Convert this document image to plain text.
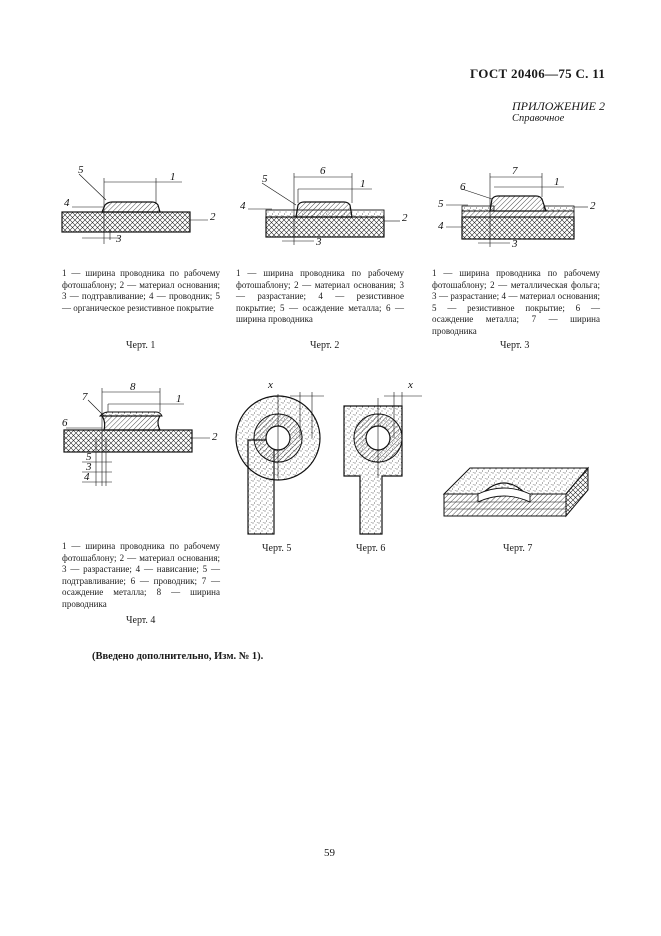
ГОСТ 20406—75 С. 11
ПРИЛОЖЕНИЕ 2
Справочное
5
1
4
2
3
5
6
1
4
2
3
6
7
1
5
4
2
3
1 — ширина проводника по рабочему фотошаблону; 2 — материал основания; 3 — подтравливание; 4 — проводник; 5 — органическое резистивное покрытие
1 — ширина проводника по рабочему фотошаблону; 2 — материал основания; 3 — разрастание; 4 — резистивное покрытие; 5 — осаждение металла; 6 — ширина проводника
1 — ширина проводника по рабочему фотошаблону; 2 — металлическая фольга; 3 — разрастание; 4 — материал основания; 5 — резистивное покрытие; 6 — осаждение металла; 7 — ширина проводника
Черт. 1	Черт. 2	Черт. 3
7
8
1
6
2
5
3
4
x	x
Черт. 5	Черт. 6	Черт. 7
1 — ширина проводника по рабочему фотошаблону; 2 — материал основания; 3 — разрастание; 4 — нависание; 5 — подтравливание; 6 — проводник; 7 — осаждение металла; 8 — ширина проводника
Черт. 4
(Введено дополнительно, Изм. № 1).
59
